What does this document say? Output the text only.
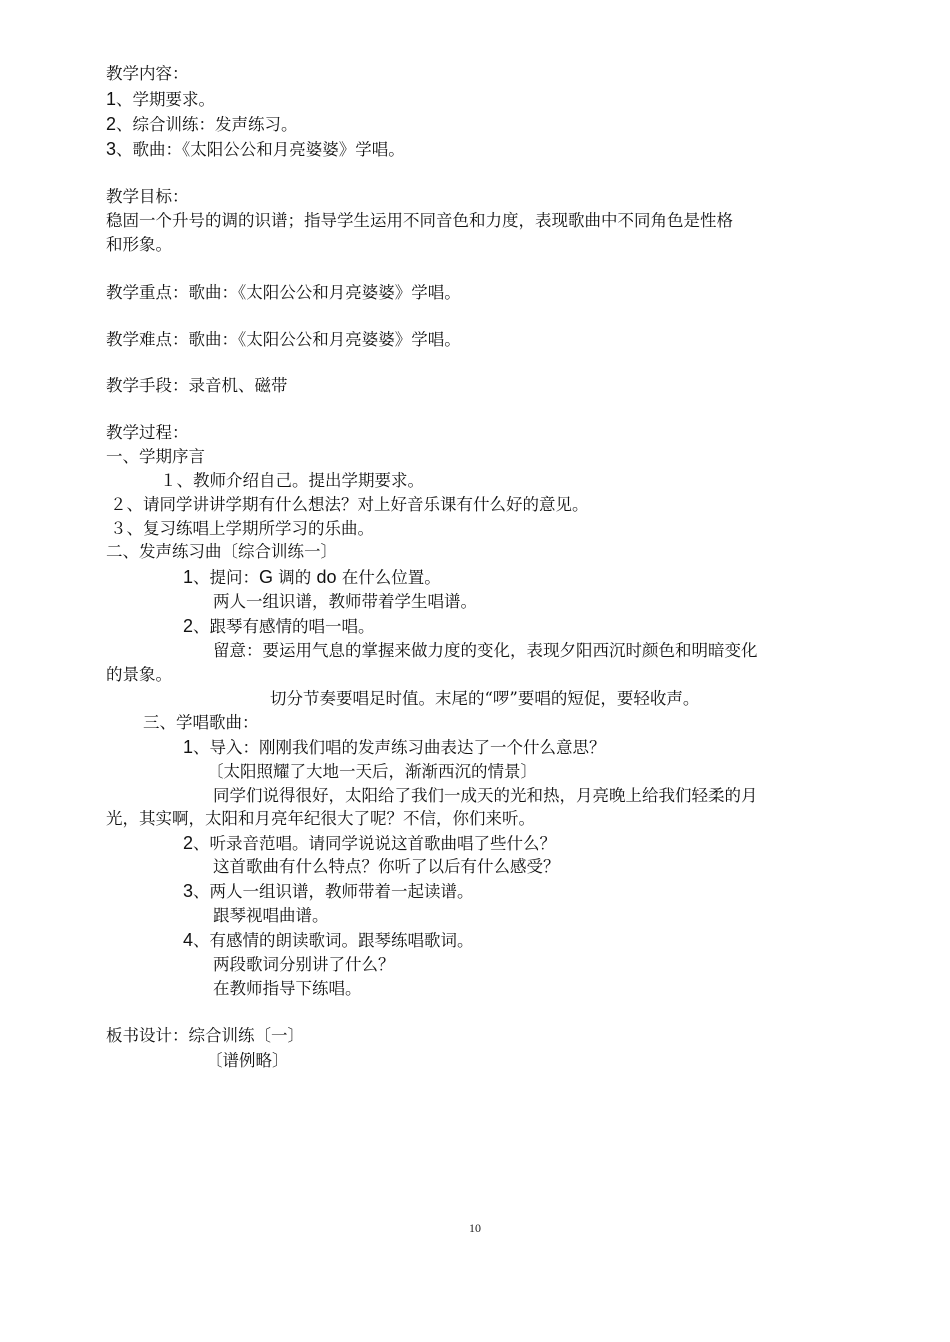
教学内容：
1、学期要求。
2、综合训练：发声练习。
3、歌曲：《太阳公公和月亮婆婆》学唱。
教学目标：
稳固一个升号的调的识谱；指导学生运用不同音色和力度，表现歌曲中不同角色是性格
和形象。
教学重点：歌曲：《太阳公公和月亮婆婆》学唱。
教学难点：歌曲：《太阳公公和月亮婆婆》学唱。
教学手段：录音机、磁带
教学过程：
一、学期序言
１、教师介绍自己。提出学期要求。
２、请同学讲讲学期有什么想法？对上好音乐课有什么好的意见。
３、复习练唱上学期所学习的乐曲。
二、发声练习曲〔综合训练一〕
1、提问：G 调的 do 在什么位置。
两人一组识谱，教师带着学生唱谱。
2、跟琴有感情的唱一唱。
留意：要运用气息的掌握来做力度的变化，表现夕阳西沉时颜色和明暗变化
的景象。
切分节奏要唱足时值。末尾的“啰”要唱的短促，要轻收声。
三、学唱歌曲：
1、导入：刚刚我们唱的发声练习曲表达了一个什么意思？
〔太阳照耀了大地一天后，渐渐西沉的情景〕
同学们说得很好，太阳给了我们一成天的光和热，月亮晚上给我们轻柔的月
光，其实啊，太阳和月亮年纪很大了呢？不信，你们来听。
2、听录音范唱。请同学说说这首歌曲唱了些什么？
这首歌曲有什么特点？你听了以后有什么感受？
3、两人一组识谱，教师带着一起读谱。
跟琴视唱曲谱。
4、有感情的朗读歌词。跟琴练唱歌词。
两段歌词分别讲了什么？
在教师指导下练唱。
板书设计：综合训练〔一〕
〔谱例略〕
10
